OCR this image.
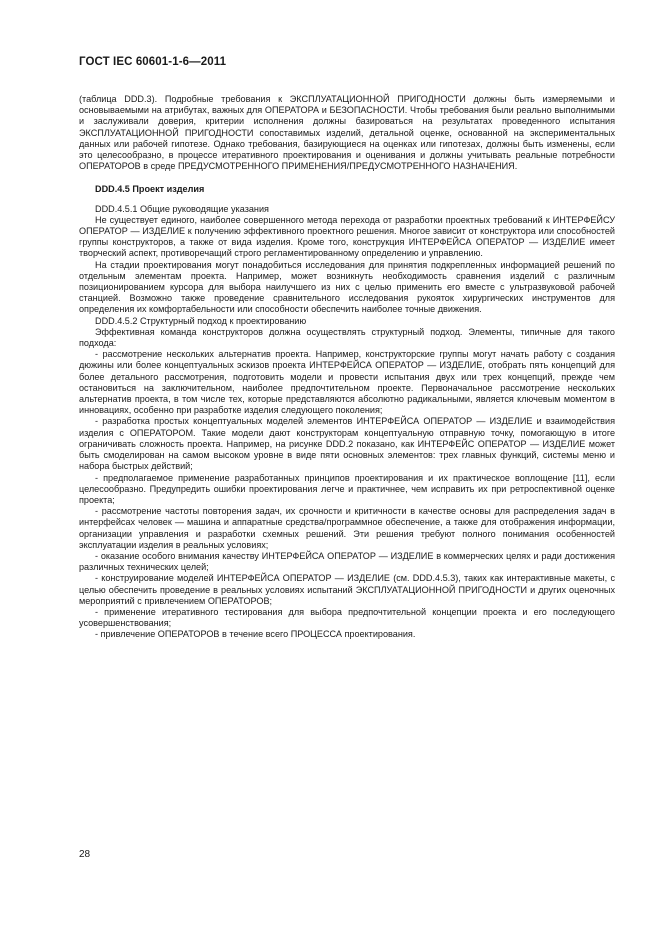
ГОСТ IEC 60601-1-6—2011

(таблица DDD.3). Подробные требования к ЭКСПЛУАТАЦИОННОЙ ПРИГОДНОСТИ должны быть измеряемыми и основываемыми на атрибутах, важных для ОПЕРАТОРА и БЕЗОПАСНОСТИ. Чтобы требования были реально выполнимыми и заслуживали доверия, критерии исполнения должны базироваться на результатах проведенного испытания ЭКСПЛУАТАЦИОННОЙ ПРИГОДНОСТИ сопоставимых изделий, детальной оценке, основанной на экспериментальных данных или рабочей гипотезе. Однако требования, базирующиеся на оценках или гипотезах, должны быть изменены, если это целесообразно, в процессе итеративного проектирования и оценивания и должны учитывать реальные потребности ОПЕРАТОРОВ в среде ПРЕДУСМОТРЕННОГО ПРИМЕНЕНИЯ/ПРЕДУСМОТРЕННОГО НАЗНАЧЕНИЯ.

DDD.4.5 Проект изделия

DDD.4.5.1 Общие руководящие указания

Не существует единого, наиболее совершенного метода перехода от разработки проектных требований к ИНТЕРФЕЙСУ ОПЕРАТОР — ИЗДЕЛИЕ к получению эффективного проектного решения. Многое зависит от конструктора или способностей группы конструкторов, а также от вида изделия. Кроме того, конструкция ИНТЕРФЕЙСА ОПЕРАТОР — ИЗДЕЛИЕ имеет творческий аспект, противоречащий строго регламентированному определению и управлению.

На стадии проектирования могут понадобиться исследования для принятия подкрепленных информацией решений по отдельным элементам проекта. Например, может возникнуть необходимость сравнения изделий с различным позиционированием курсора для выбора наилучшего из них с целью применить его вместе с ультразвуковой рабочей станцией. Возможно также проведение сравнительного исследования рукояток хирургических инструментов для определения их комфортабельности или способности обеспечить наиболее точные движения.

DDD.4.5.2 Структурный подход к проектированию

Эффективная команда конструкторов должна осуществлять структурный подход. Элементы, типичные для такого подхода:

- рассмотрение нескольких альтернатив проекта. Например, конструкторские группы могут начать работу с создания дюжины или более концептуальных эскизов проекта ИНТЕРФЕЙСА ОПЕРАТОР — ИЗДЕЛИЕ, отобрать пять концепций для более детального рассмотрения, подготовить модели и провести испытания двух или трех концепций, прежде чем остановиться на заключительном, наиболее предпочтительном проекте. Первоначальное рассмотрение нескольких альтернатив проекта, в том числе тех, которые представляются абсолютно радикальными, является ключевым моментом в инновациях, особенно при разработке изделия следующего поколения;

- разработка простых концептуальных моделей элементов ИНТЕРФЕЙСА ОПЕРАТОР — ИЗДЕЛИЕ и взаимодействия изделия с ОПЕРАТОРОМ. Такие модели дают конструкторам концептуальную отправную точку, помогающую в итоге ограничивать сложность проекта. Например, на рисунке DDD.2 показано, как ИНТЕРФЕЙС ОПЕРАТОР — ИЗДЕЛИЕ может быть смоделирован на самом высоком уровне в виде пяти основных элементов: трех главных функций, системы меню и набора быстрых действий;

- предполагаемое применение разработанных принципов проектирования и их практическое воплощение [11], если целесообразно. Предупредить ошибки проектирования легче и практичнее, чем исправить их при ретроспективной оценке проекта;

- рассмотрение частоты повторения задач, их срочности и критичности в качестве основы для распределения задач в интерфейсах человек — машина и аппаратные средства/программное обеспечение, а также для отображения информации, организации управления и разработки схемных решений. Эти решения требуют полного понимания особенностей эксплуатации изделия в реальных условиях;

- оказание особого внимания качеству ИНТЕРФЕЙСА ОПЕРАТОР — ИЗДЕЛИЕ в коммерческих целях и ради достижения различных технических целей;

- конструирование моделей ИНТЕРФЕЙСА ОПЕРАТОР — ИЗДЕЛИЕ (см. DDD.4.5.3), таких как интерактивные макеты, с целью обеспечить проведение в реальных условиях испытаний ЭКСПЛУАТАЦИОННОЙ ПРИГОДНОСТИ и других оценочных мероприятий с привлечением ОПЕРАТОРОВ;

- применение итеративного тестирования для выбора предпочтительной концепции проекта и его последующего усовершенствования;

- привлечение ОПЕРАТОРОВ в течение всего ПРОЦЕССА проектирования.

28
